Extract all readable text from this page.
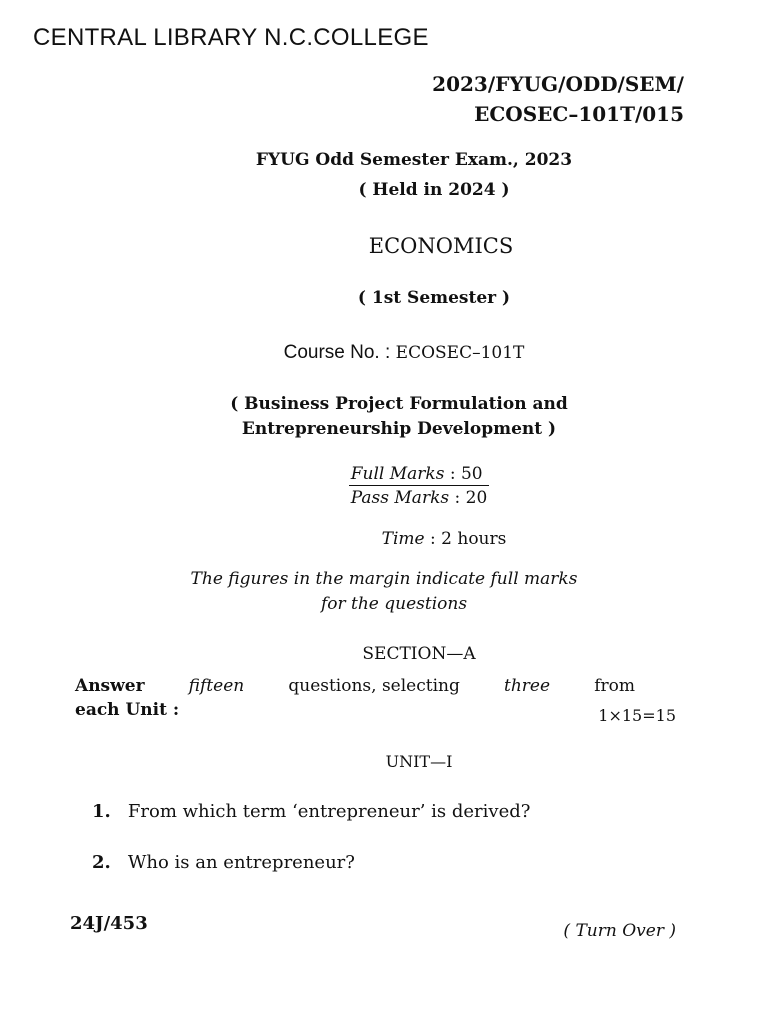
CENTRAL LIBRARY N.C.COLLEGE
2023/FYUG/ODD/SEM/
ECOSEC–101T/015
FYUG Odd Semester Exam., 2023
( Held in 2024 )
ECONOMICS
( 1st Semester )
Course No. : ECOSEC–101T
( Business Project Formulation and
Entrepreneurship Development )
Full Marks : 50
Pass Marks : 20
Time : 2 hours
The figures in the margin indicate full marks
for the questions
SECTION—A
Answer	fifteen	questions, selecting	three	from
each Unit :	1×15=15
UNIT—I
1. From which term ‘entrepreneur’ is derived?
2. Who is an entrepreneur?
24J/453	( Turn Over )
